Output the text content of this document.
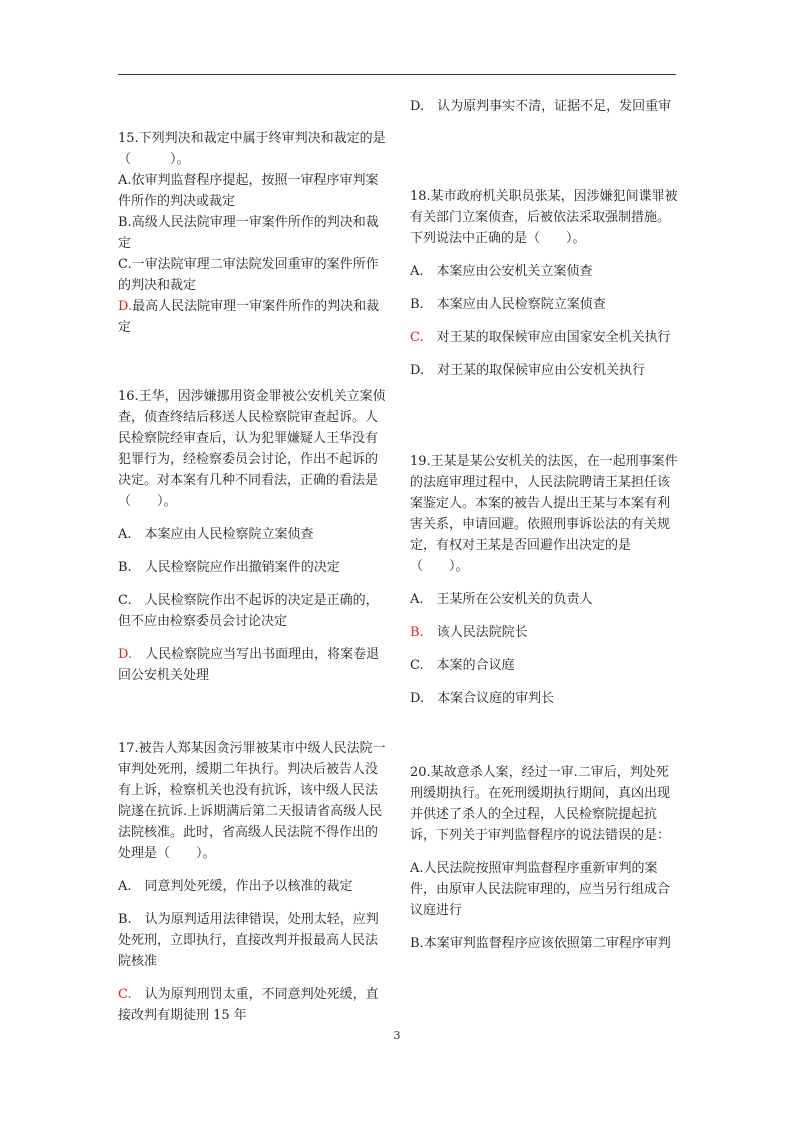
15.下列判决和裁定中属于终审判决和裁定的是（　　　）。

A.依审判监督程序提起，按照一审程序审判案件所作的判决或裁定

B.高级人民法院审理一审案件所作的判决和裁定

C.一审法院审理二审法院发回重审的案件所作的判决和裁定

D.最高人民法院审理一审案件所作的判决和裁定

16.王华，因涉嫌挪用资金罪被公安机关立案侦查，侦查终结后移送人民检察院审查起诉。人民检察院经审查后，认为犯罪嫌疑人王华没有犯罪行为，经检察委员会讨论，作出不起诉的决定。对本案有几种不同看法，正确的看法是（　　）。

A.　本案应由人民检察院立案侦查

B.　人民检察院应作出撤销案件的决定

C.　人民检察院作出不起诉的决定是正确的，但不应由检察委员会讨论决定

D.　人民检察院应当写出书面理由，将案卷退回公安机关处理

17.被告人郑某因贪污罪被某市中级人民法院一审判处死刑，缓期二年执行。判决后被告人没有上诉，检察机关也没有抗诉，该中级人民法院遂在抗诉.上诉期满后第二天报请省高级人民法院核准。此时，省高级人民法院不得作出的处理是（　　）。

A.　同意判处死缓，作出予以核准的裁定

B.　认为原判适用法律错误，处刑太轻，应判处死刑，立即执行，直接改判并报最高人民法院核准

C.　认为原判刑罚太重，不同意判处死缓，直接改判有期徒刑 15 年

D.　认为原判事实不清，证据不足，发回重审

18.某市政府机关职员张某，因涉嫌犯间谍罪被有关部门立案侦查，后被依法采取强制措施。下列说法中正确的是（　　）。

A.　本案应由公安机关立案侦查

B.　本案应由人民检察院立案侦查

C.　对王某的取保候审应由国家安全机关执行

D.　对王某的取保候审应由公安机关执行

19.王某是某公安机关的法医，在一起刑事案件的法庭审理过程中，人民法院聘请王某担任该案鉴定人。本案的被告人提出王某与本案有利害关系，申请回避。依照刑事诉讼法的有关规定，有权对王某是否回避作出决定的是（　　）。

A.　王某所在公安机关的负责人

B.　该人民法院院长

C.　本案的合议庭

D.　本案合议庭的审判长

20.某故意杀人案，经过一审.二审后，判处死刑缓期执行。在死刑缓期执行期间，真凶出现并供述了杀人的全过程，人民检察院提起抗诉，下列关于审判监督程序的说法错误的是：

A.人民法院按照审判监督程序重新审判的案件，由原审人民法院审理的，应当另行组成合议庭进行

B.本案审判监督程序应该依照第二审程序审判

3
